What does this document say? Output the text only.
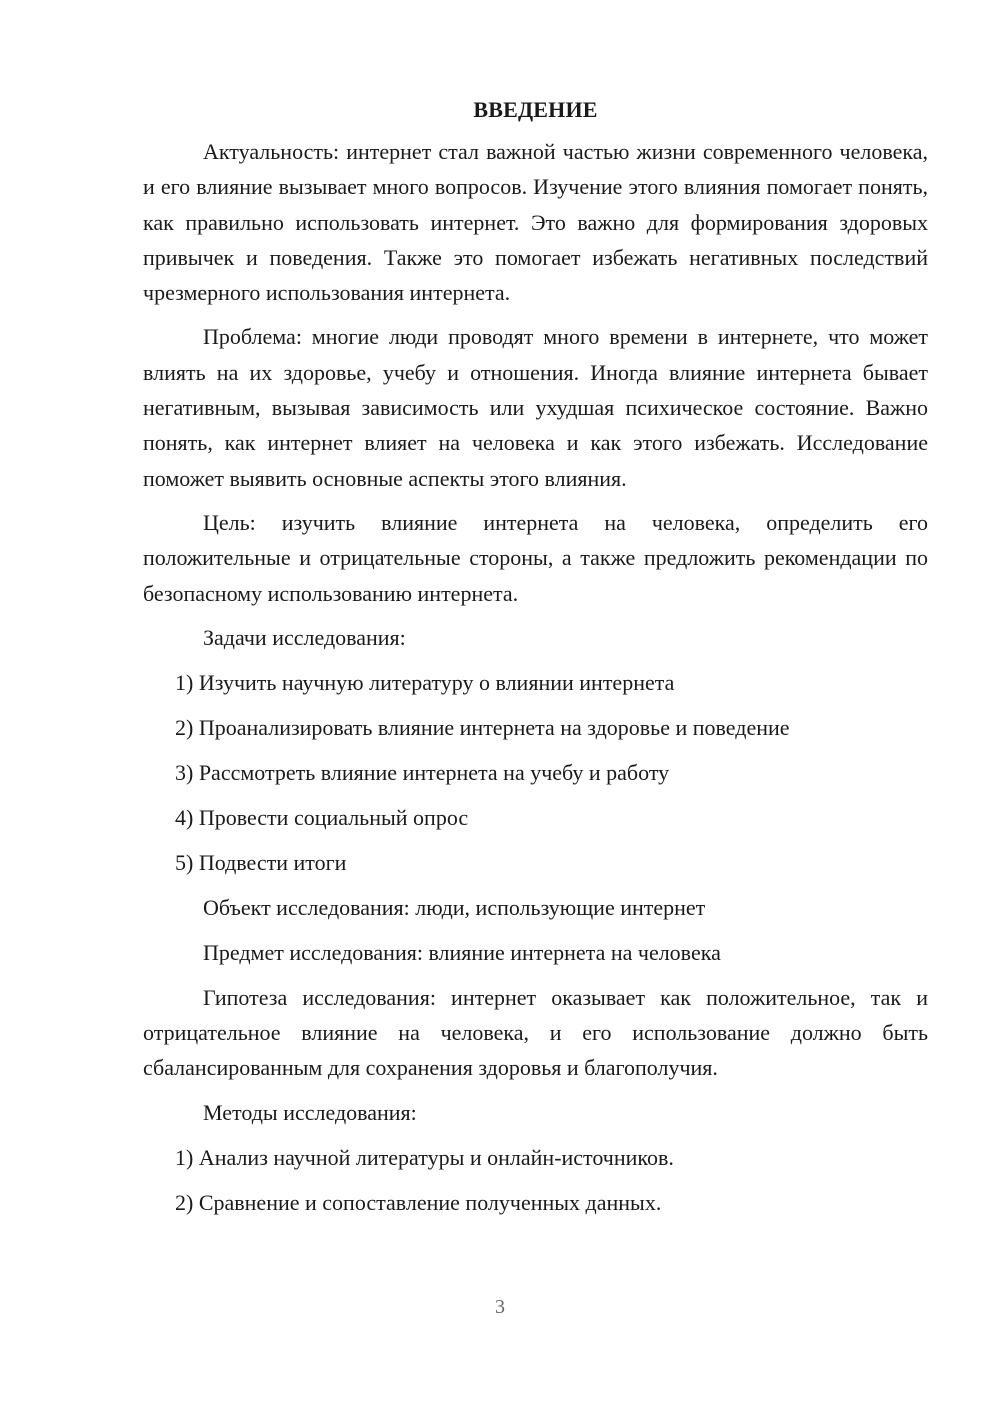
ВВЕДЕНИЕ

Актуальность: интернет стал важной частью жизни современного человека, и его влияние вызывает много вопросов. Изучение этого влияния помогает понять, как правильно использовать интернет. Это важно для формирования здоровых привычек и поведения. Также это помогает избежать негативных последствий чрезмерного использования интернета.

Проблема: многие люди проводят много времени в интернете, что может влиять на их здоровье, учебу и отношения. Иногда влияние интернета бывает негативным, вызывая зависимость или ухудшая психическое состояние. Важно понять, как интернет влияет на человека и как этого избежать. Исследование поможет выявить основные аспекты этого влияния.

Цель: изучить влияние интернета на человека, определить его положительные и отрицательные стороны, а также предложить рекомендации по безопасному использованию интернета.

Задачи исследования:
1) Изучить научную литературу о влиянии интернета
2) Проанализировать влияние интернета на здоровье и поведение
3) Рассмотреть влияние интернета на учебу и работу
4) Провести социальный опрос
5) Подвести итоги
Объект исследования: люди, использующие интернет
Предмет исследования: влияние интернета на человека

Гипотеза исследования: интернет оказывает как положительное, так и отрицательное влияние на человека, и его использование должно быть сбалансированным для сохранения здоровья и благополучия.

Методы исследования:
1) Анализ научной литературы и онлайн-источников.
2) Сравнение и сопоставление полученных данных.
3
